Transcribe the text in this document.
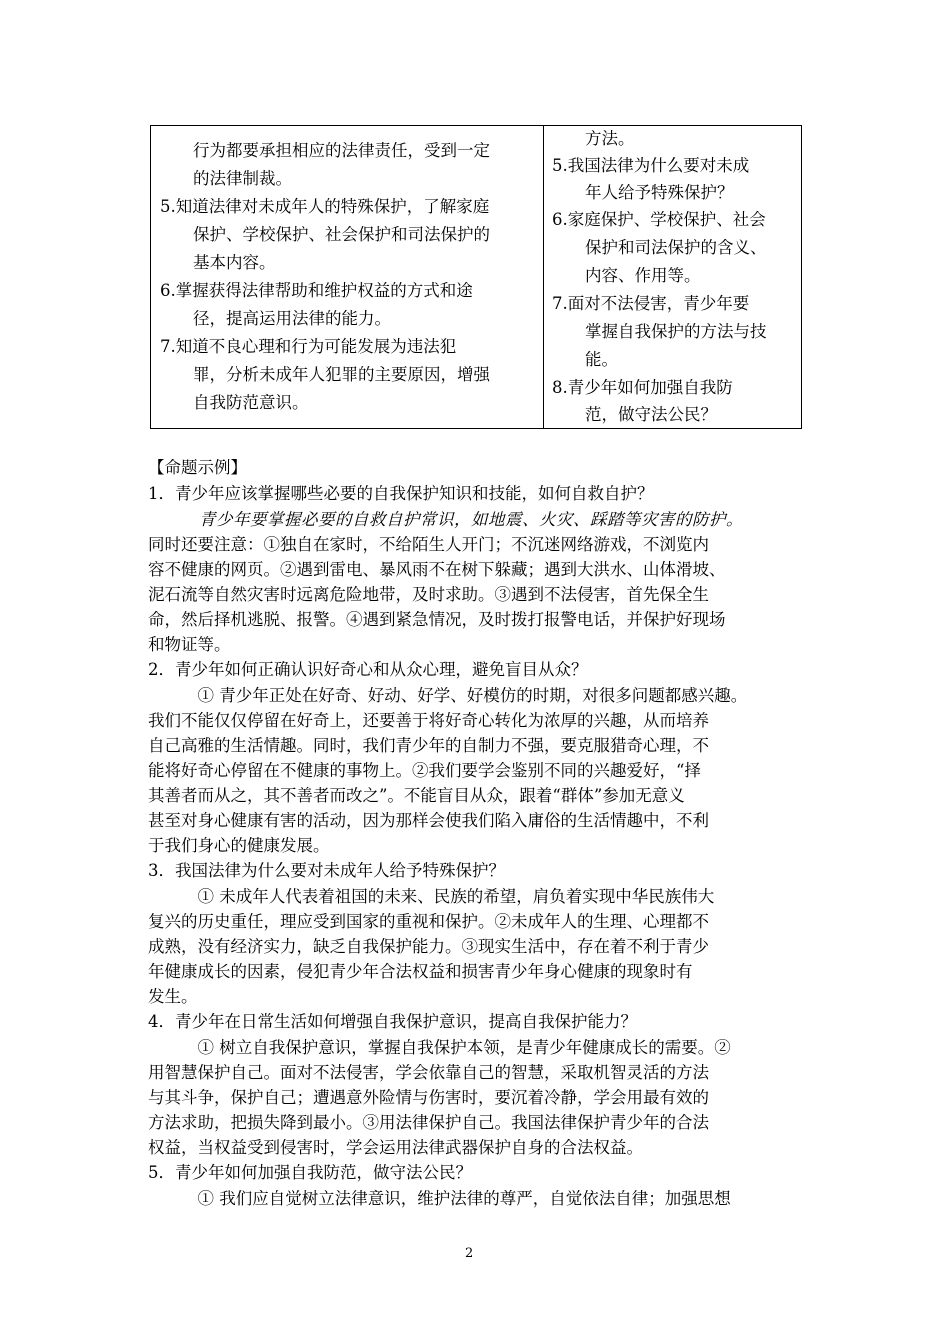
　　行为都要承担相应的法律责任，受到一定
　　的法律制裁。
5.知道法律对未成年人的特殊保护，了解家庭
　　保护、学校保护、社会保护和司法保护的
　　基本内容。
6.掌握获得法律帮助和维护权益的方式和途
　　径，提高运用法律的能力。
7.知道不良心理和行为可能发展为违法犯
　　罪，分析未成年人犯罪的主要原因，增强
　　自我防范意识。
　　方法。
5.我国法律为什么要对未成
　　年人给予特殊保护？
6.家庭保护、学校保护、社会
　　保护和司法保护的含义、
　　内容、作用等。
7.面对不法侵害，青少年要
　　掌握自我保护的方法与技
　　能。
8.青少年如何加强自我防
　　范，做守法公民？
【命题示例】
1．青少年应该掌握哪些必要的自我保护知识和技能，如何自救自护？
　　　青少年要掌握必要的自救自护常识，如地震、火灾、踩踏等灾害的防护。
同时还要注意：①独自在家时，不给陌生人开门；不沉迷网络游戏，不浏览内
容不健康的网页。②遇到雷电、暴风雨不在树下躲藏；遇到大洪水、山体滑坡、
泥石流等自然灾害时远离危险地带，及时求助。③遇到不法侵害，首先保全生
命，然后择机逃脱、报警。④遇到紧急情况，及时拨打报警电话，并保护好现场
和物证等。
2．青少年如何正确认识好奇心和从众心理，避免盲目从众？
　　　① 青少年正处在好奇、好动、好学、好模仿的时期，对很多问题都感兴趣。
我们不能仅仅停留在好奇上，还要善于将好奇心转化为浓厚的兴趣，从而培养
自己高雅的生活情趣。同时，我们青少年的自制力不强，要克服猎奇心理，不
能将好奇心停留在不健康的事物上。②我们要学会鉴别不同的兴趣爱好，“择
其善者而从之，其不善者而改之”。不能盲目从众，跟着“群体”参加无意义
甚至对身心健康有害的活动，因为那样会使我们陷入庸俗的生活情趣中，不利
于我们身心的健康发展。
3．我国法律为什么要对未成年人给予特殊保护？
　　　① 未成年人代表着祖国的未来、民族的希望，肩负着实现中华民族伟大
复兴的历史重任，理应受到国家的重视和保护。②未成年人的生理、心理都不
成熟，没有经济实力，缺乏自我保护能力。③现实生活中，存在着不利于青少
年健康成长的因素，侵犯青少年合法权益和损害青少年身心健康的现象时有
发生。
4．青少年在日常生活如何增强自我保护意识，提高自我保护能力？
　　　① 树立自我保护意识，掌握自我保护本领，是青少年健康成长的需要。②
用智慧保护自己。面对不法侵害，学会依靠自己的智慧，采取机智灵活的方法
与其斗争，保护自己；遭遇意外险情与伤害时，要沉着冷静，学会用最有效的
方法求助，把损失降到最小。③用法律保护自己。我国法律保护青少年的合法
权益，当权益受到侵害时，学会运用法律武器保护自身的合法权益。
5．青少年如何加强自我防范，做守法公民？
　　　① 我们应自觉树立法律意识，维护法律的尊严，自觉依法自律；加强思想
2
